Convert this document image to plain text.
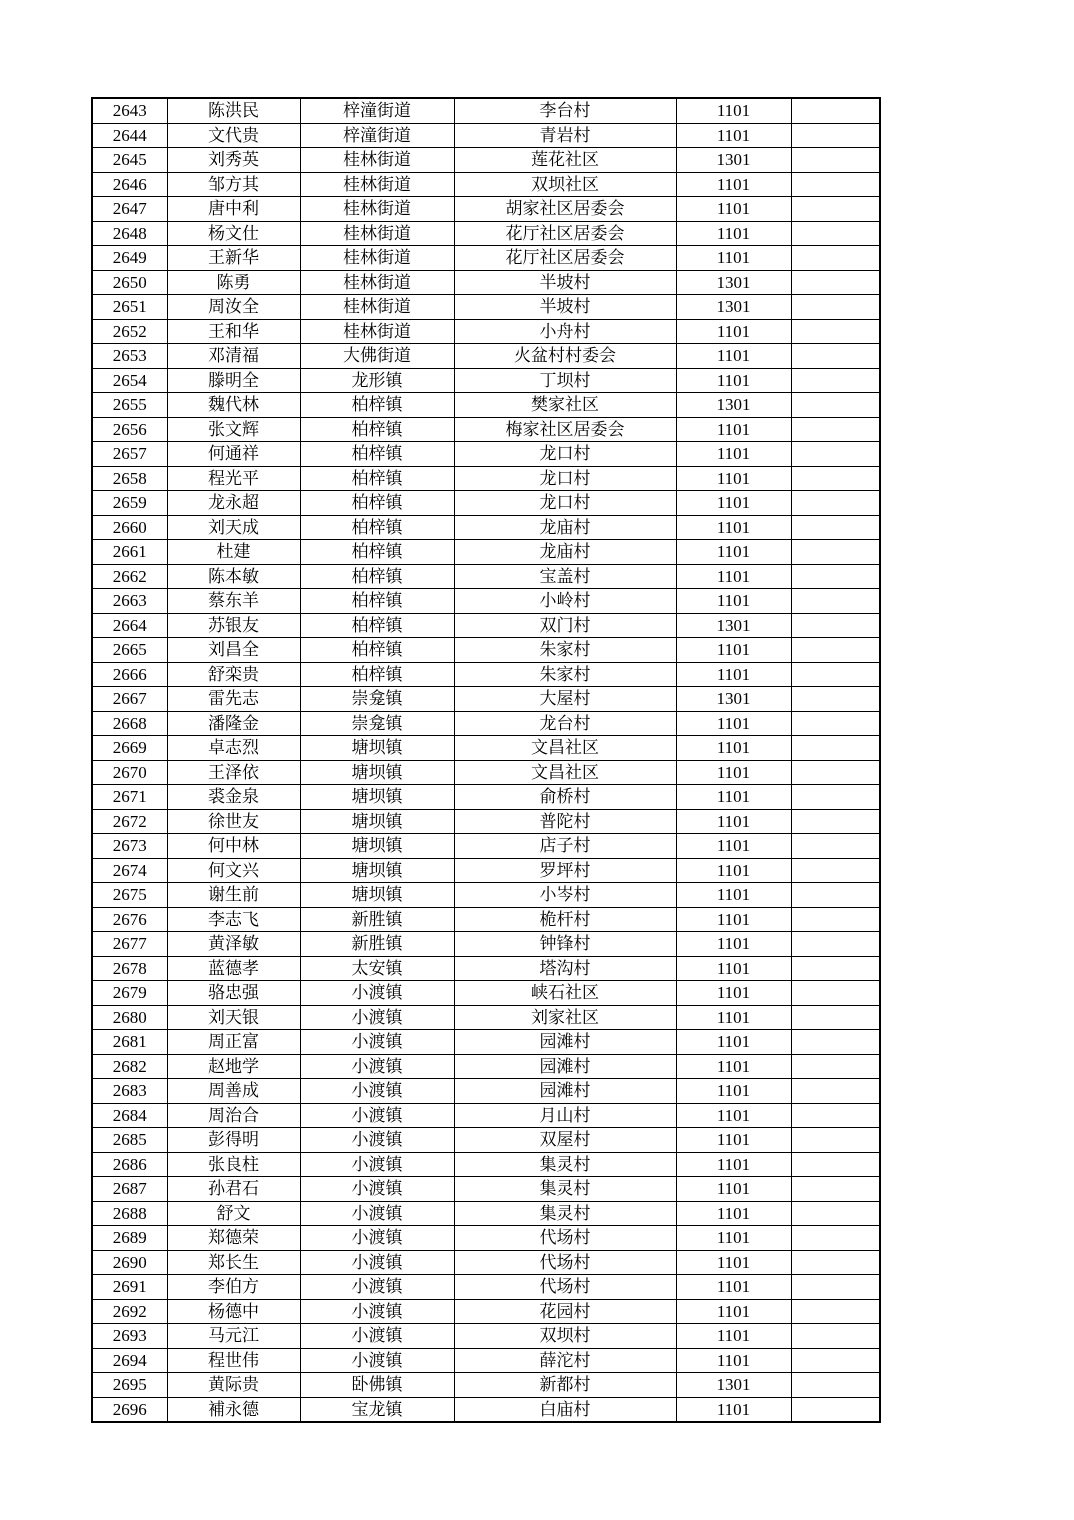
2643	陈洪民	梓潼街道	李台村	1101	
2644	文代贵	梓潼街道	青岩村	1101	
2645	刘秀英	桂林街道	莲花社区	1301	
2646	邹方其	桂林街道	双坝社区	1101	
2647	唐中利	桂林街道	胡家社区居委会	1101	
2648	杨文仕	桂林街道	花厅社区居委会	1101	
2649	王新华	桂林街道	花厅社区居委会	1101	
2650	陈勇	桂林街道	半坡村	1301	
2651	周汝全	桂林街道	半坡村	1301	
2652	王和华	桂林街道	小舟村	1101	
2653	邓清福	大佛街道	火盆村村委会	1101	
2654	滕明全	龙形镇	丁坝村	1101	
2655	魏代林	柏梓镇	樊家社区	1301	
2656	张文辉	柏梓镇	梅家社区居委会	1101	
2657	何通祥	柏梓镇	龙口村	1101	
2658	程光平	柏梓镇	龙口村	1101	
2659	龙永超	柏梓镇	龙口村	1101	
2660	刘天成	柏梓镇	龙庙村	1101	
2661	杜建	柏梓镇	龙庙村	1101	
2662	陈本敏	柏梓镇	宝盖村	1101	
2663	蔡东羊	柏梓镇	小岭村	1101	
2664	苏银友	柏梓镇	双门村	1301	
2665	刘昌全	柏梓镇	朱家村	1101	
2666	舒栾贵	柏梓镇	朱家村	1101	
2667	雷先志	崇龛镇	大屋村	1301	
2668	潘隆金	崇龛镇	龙台村	1101	
2669	卓志烈	塘坝镇	文昌社区	1101	
2670	王泽依	塘坝镇	文昌社区	1101	
2671	裘金泉	塘坝镇	俞桥村	1101	
2672	徐世友	塘坝镇	普陀村	1101	
2673	何中林	塘坝镇	店子村	1101	
2674	何文兴	塘坝镇	罗坪村	1101	
2675	谢生前	塘坝镇	小岑村	1101	
2676	李志飞	新胜镇	桅杆村	1101	
2677	黄泽敏	新胜镇	钟锋村	1101	
2678	蓝德孝	太安镇	塔沟村	1101	
2679	骆忠强	小渡镇	峡石社区	1101	
2680	刘天银	小渡镇	刘家社区	1101	
2681	周正富	小渡镇	园滩村	1101	
2682	赵地学	小渡镇	园滩村	1101	
2683	周善成	小渡镇	园滩村	1101	
2684	周治合	小渡镇	月山村	1101	
2685	彭得明	小渡镇	双屋村	1101	
2686	张良柱	小渡镇	集灵村	1101	
2687	孙君石	小渡镇	集灵村	1101	
2688	舒文	小渡镇	集灵村	1101	
2689	郑德荣	小渡镇	代场村	1101	
2690	郑长生	小渡镇	代场村	1101	
2691	李伯方	小渡镇	代场村	1101	
2692	杨德中	小渡镇	花园村	1101	
2693	马元江	小渡镇	双坝村	1101	
2694	程世伟	小渡镇	薛沱村	1101	
2695	黄际贵	卧佛镇	新都村	1301	
2696	補永德	宝龙镇	白庙村	1101	
